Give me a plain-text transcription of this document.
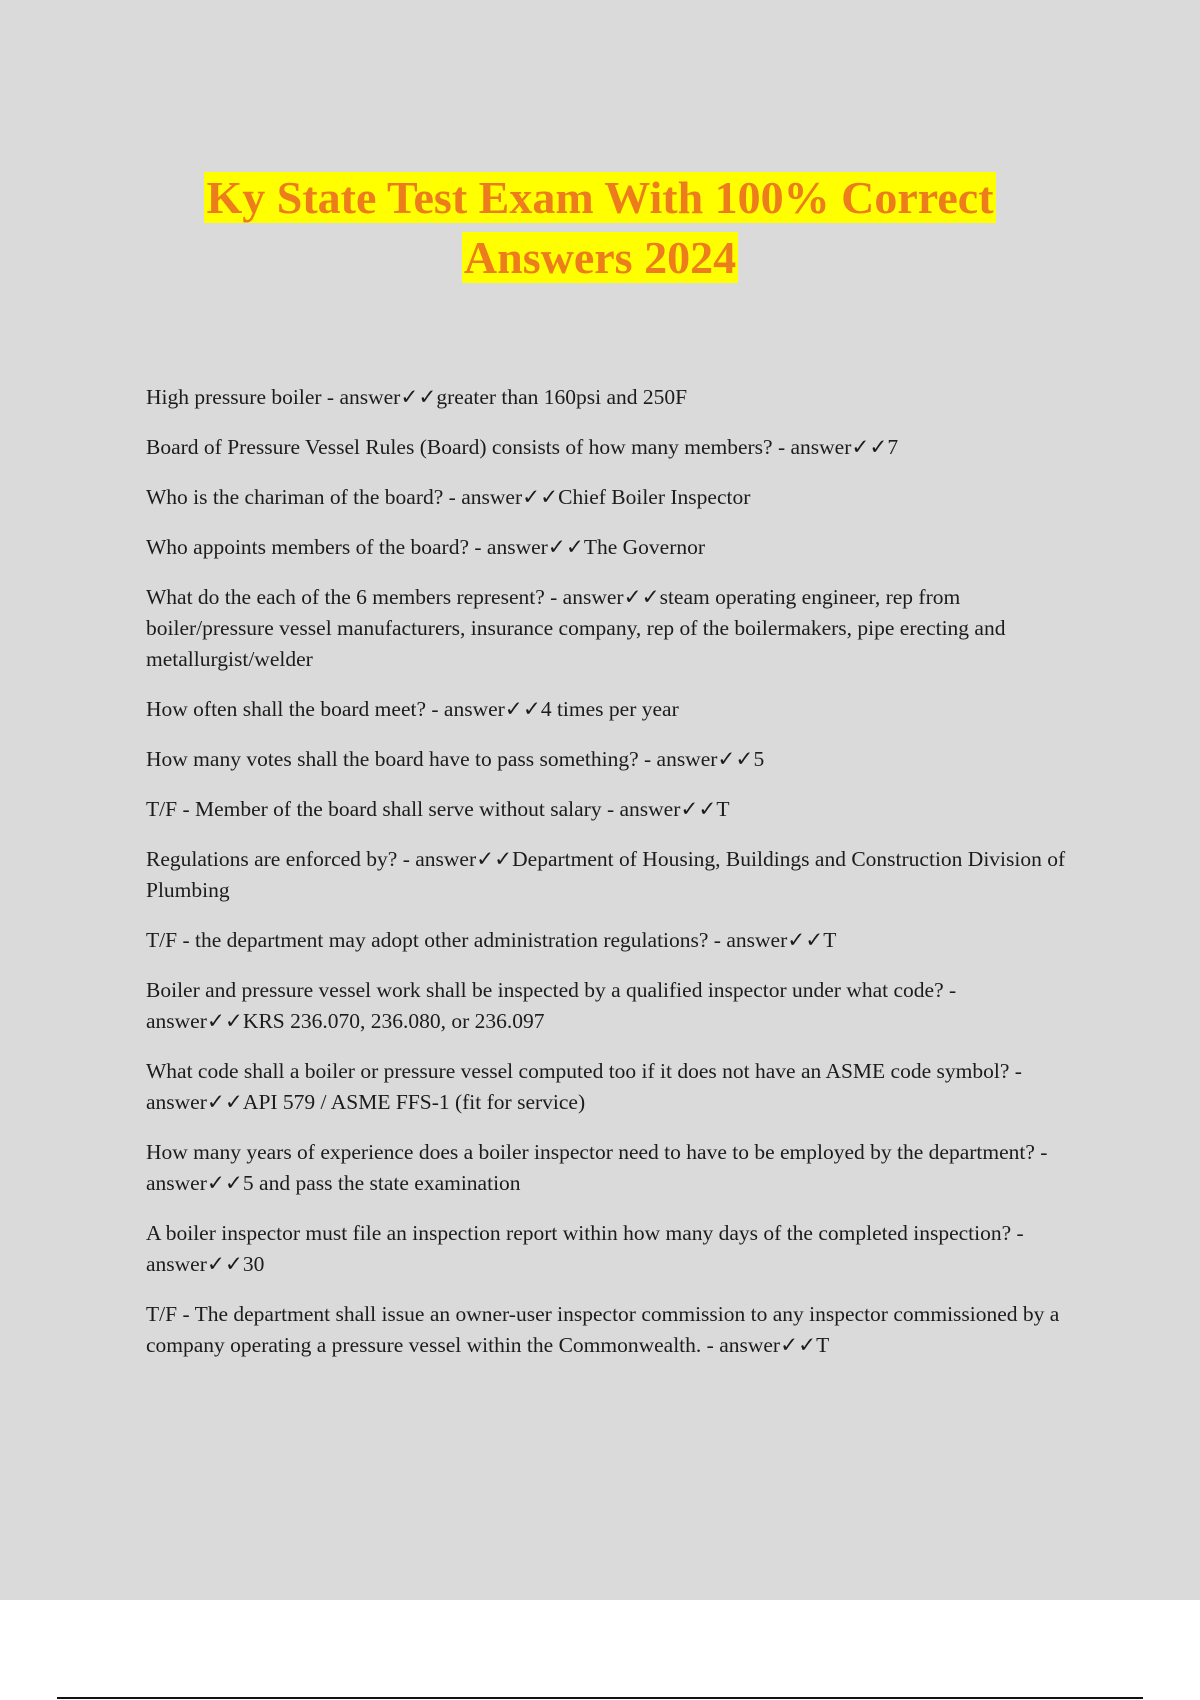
Ky State Test Exam With 100% Correct
Answers 2024
High pressure boiler - answer✓✓greater than 160psi and 250F
Board of Pressure Vessel Rules (Board) consists of how many members? - answer✓✓7
Who is the chariman of the board? - answer✓✓Chief Boiler Inspector
Who appoints members of the board? - answer✓✓The Governor
What do the each of the 6 members represent? - answer✓✓steam operating engineer, rep from boiler/pressure vessel manufacturers, insurance company, rep of the boilermakers, pipe erecting and metallurgist/welder
How often shall the board meet? - answer✓✓4 times per year
How many votes shall the board have to pass something? - answer✓✓5
T/F - Member of the board shall serve without salary - answer✓✓T
Regulations are enforced by? - answer✓✓Department of Housing, Buildings and Construction Division of Plumbing
T/F - the department may adopt other administration regulations? - answer✓✓T
Boiler and pressure vessel work shall be inspected by a qualified inspector under what code? - answer✓✓KRS 236.070, 236.080, or 236.097
What code shall a boiler or pressure vessel computed too if it does not have an ASME code symbol? - answer✓✓API 579 / ASME FFS-1 (fit for service)
How many years of experience does a boiler inspector need to have to be employed by the department? - answer✓✓5 and pass the state examination
A boiler inspector must file an inspection report within how many days of the completed inspection? - answer✓✓30
T/F - The department shall issue an owner-user inspector commission to any inspector commissioned by a company operating a pressure vessel within the Commonwealth. - answer✓✓T
